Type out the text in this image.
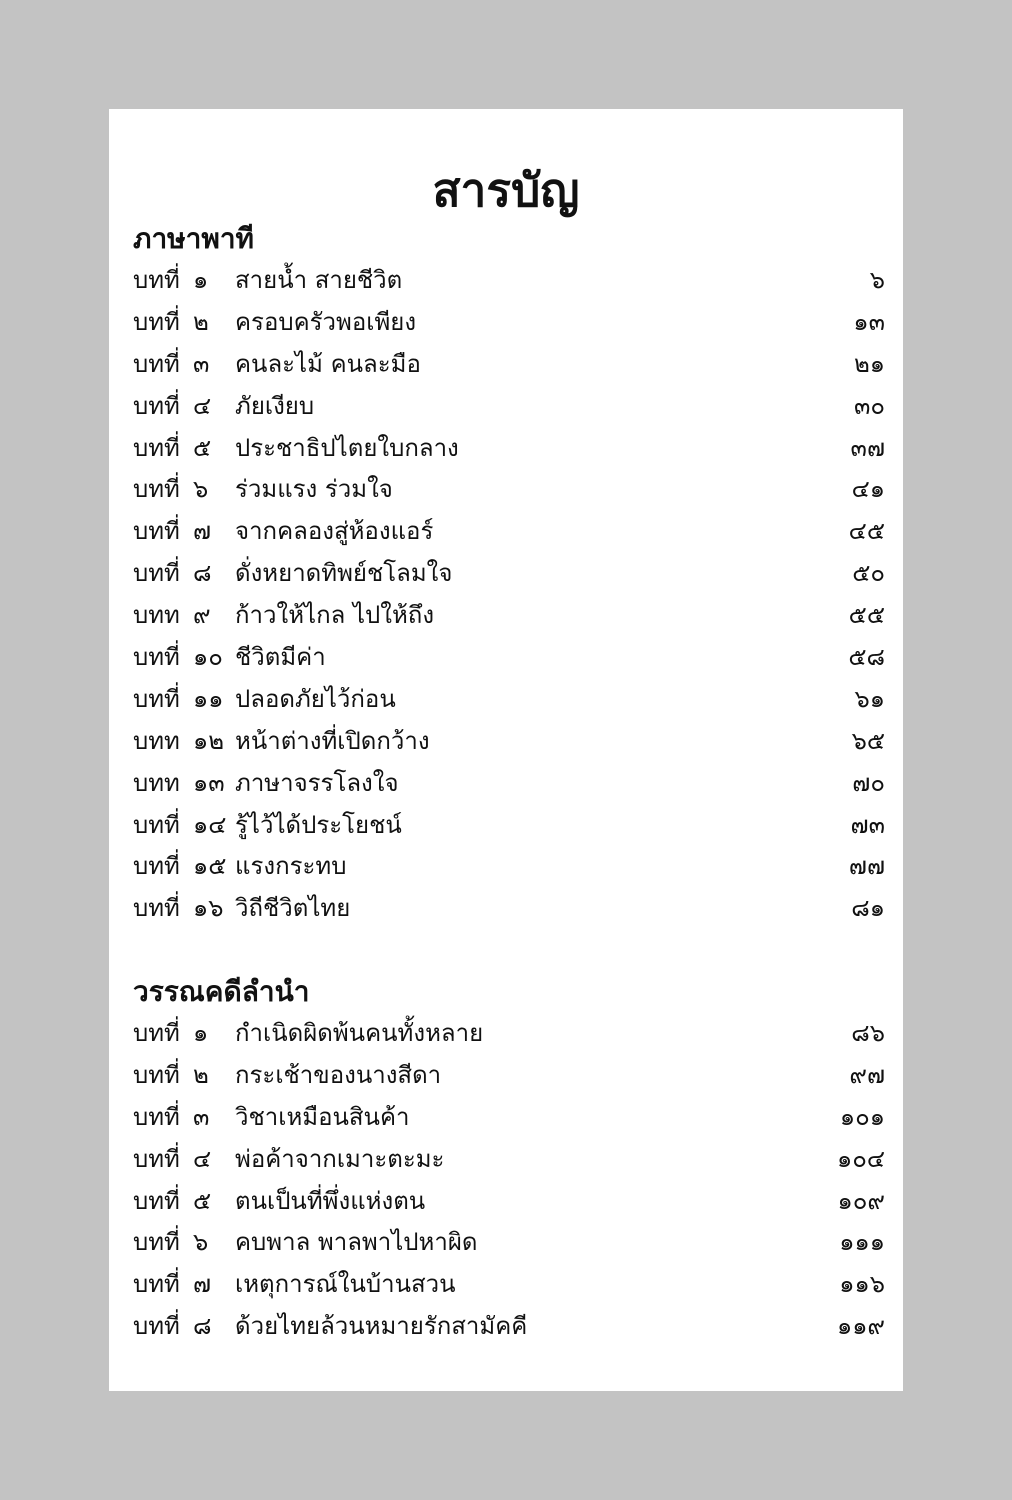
สารบัญ
ภาษาพาที
บทที่ ๑ สายน้ำ สายชีวิต	๖
บทที่ ๒ ครอบครัวพอเพียง	๑๓
บทที่ ๓ คนละไม้ คนละมือ	๒๑
บทที่ ๔ ภัยเงียบ	๓๐
บทที่ ๕ ประชาธิปไตยใบกลาง	๓๗
บทที่ ๖ ร่วมแรง ร่วมใจ	๔๑
บทที่ ๗ จากคลองสู่ห้องแอร์	๔๕
บทที่ ๘ ดั่งหยาดทิพย์ชโลมใจ	๕๐
บทท ๙ ก้าวให้ไกล ไปให้ถึง	๕๕
บทที่ ๑๐ ชีวิตมีค่า	๕๘
บทที่ ๑๑ ปลอดภัยไว้ก่อน	๖๑
บทท ๑๒ หน้าต่างที่เปิดกว้าง	๖๕
บทท ๑๓ ภาษาจรรโลงใจ	๗๐
บทที่ ๑๔ รู้ไว้ได้ประโยชน์	๗๓
บทที่ ๑๕ แรงกระทบ	๗๗
บทที่ ๑๖ วิถีชีวิตไทย	๘๑
วรรณคดีลำนำ
บทที่ ๑ กำเนิดผิดพ้นคนทั้งหลาย	๘๖
บทที่ ๒ กระเช้าของนางสีดา	๙๗
บทที่ ๓ วิชาเหมือนสินค้า	๑๐๑
บทที่ ๔ พ่อค้าจากเมาะตะมะ	๑๐๔
บทที่ ๕ ตนเป็นที่พึ่งแห่งตน	๑๐๙
บทที่ ๖ คบพาล พาลพาไปหาผิด	๑๑๑
บทที่ ๗ เหตุการณ์ในบ้านสวน	๑๑๖
บทที่ ๘ ด้วยไทยล้วนหมายรักสามัคคี	๑๑๙
